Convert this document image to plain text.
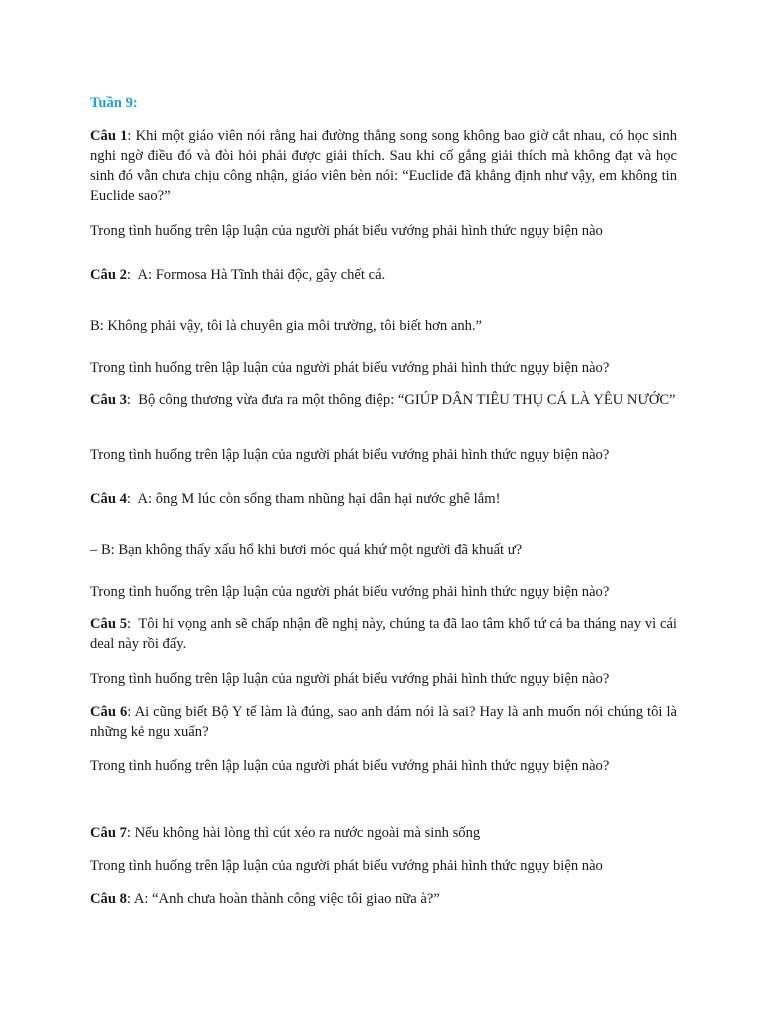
Tuần 9:
Câu 1: Khi một giáo viên nói rằng hai đường thẳng song song không bao giờ cắt nhau, có học sinh nghi ngờ điều đó và đòi hỏi phải được giải thích. Sau khi cố gắng giải thích mà không đạt và học sinh đó vẫn chưa chịu công nhận, giáo viên bèn nói: “Euclide đã khẳng định như vậy, em không tin Euclide sao?”
Trong tình huống trên lập luận của người phát biểu vướng phải hình thức ngụy biện nào
Câu 2:  A: Formosa Hà Tĩnh thải độc, gây chết cá.
B: Không phải vậy, tôi là chuyên gia môi trường, tôi biết hơn anh.”
Trong tình huống trên lập luận của người phát biểu vướng phải hình thức ngụy biện nào?
Câu 3:  Bộ công thương vừa đưa ra một thông điệp: “GIÚP DÂN TIÊU THỤ CÁ LÀ YÊU NƯỚC”
Trong tình huống trên lập luận của người phát biểu vướng phải hình thức ngụy biện nào?
Câu 4:  A: ông M lúc còn sống tham nhũng hại dân hại nước ghê lắm!
– B: Bạn không thấy xấu hổ khi bươi móc quá khứ một người đã khuất ư?
Trong tình huống trên lập luận của người phát biểu vướng phải hình thức ngụy biện nào?
Câu 5:  Tôi hi vọng anh sẽ chấp nhận đề nghị này, chúng ta đã lao tâm khổ tứ cả ba tháng nay vì cái deal này rồi đấy.
Trong tình huống trên lập luận của người phát biểu vướng phải hình thức ngụy biện nào?
Câu 6: Ai cũng biết Bộ Y tế làm là đúng, sao anh dám nói là sai? Hay là anh muốn nói chúng tôi là những kẻ ngu xuẩn?
Trong tình huống trên lập luận của người phát biểu vướng phải hình thức ngụy biện nào?
Câu 7: Nếu không hài lòng thì cút xéo ra nước ngoài mà sinh sống
Trong tình huống trên lập luận của người phát biểu vướng phải hình thức ngụy biện nào
Câu 8: A: “Anh chưa hoàn thành công việc tôi giao nữa à?”
